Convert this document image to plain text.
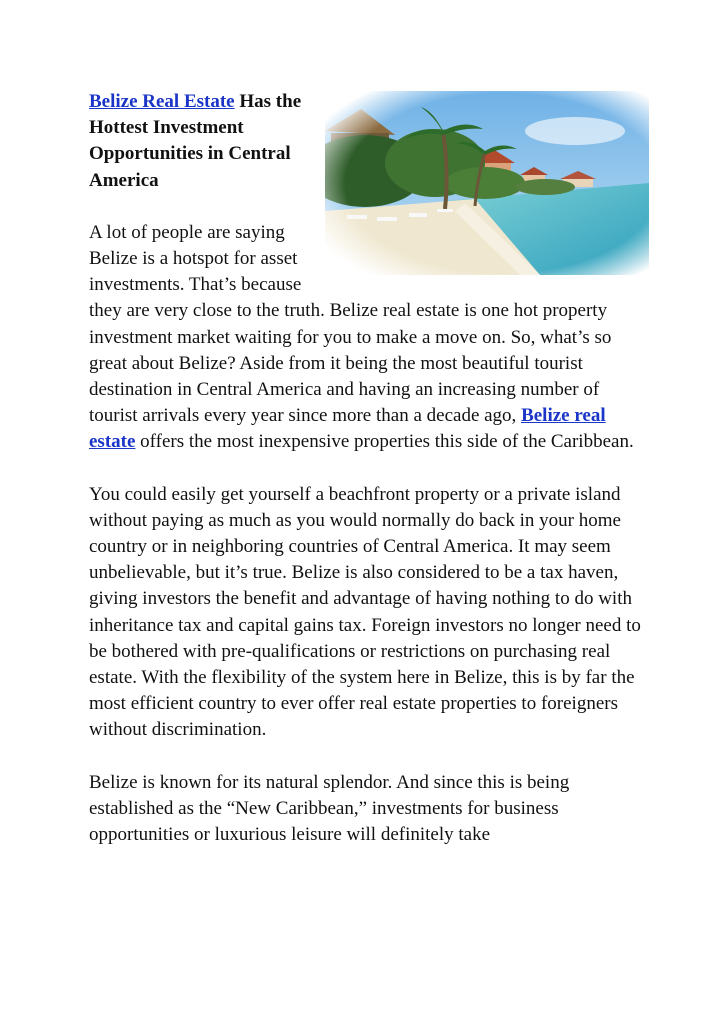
Belize Real Estate Has the Hottest Investment Opportunities in Central America

A lot of people are saying Belize is a hotspot for asset investments. That’s because they are very close to the truth. Belize real estate is one hot property investment market waiting for you to make a move on. So, what’s so great about Belize? Aside from it being the most beautiful tourist destination in Central America and having an increasing number of tourist arrivals every year since more than a decade ago, Belize real estate offers the most inexpensive properties this side of the Caribbean.

You could easily get yourself a beachfront property or a private island without paying as much as you would normally do back in your home country or in neighboring countries of Central America. It may seem unbelievable, but it’s true. Belize is also considered to be a tax haven, giving investors the benefit and advantage of having nothing to do with inheritance tax and capital gains tax. Foreign investors no longer need to be bothered with pre-qualifications or restrictions on purchasing real estate. With the flexibility of the system here in Belize, this is by far the most efficient country to ever offer real estate properties to foreigners without discrimination.

Belize is known for its natural splendor. And since this is being established as the “New Caribbean,” investments for business opportunities or luxurious leisure will definitely take
